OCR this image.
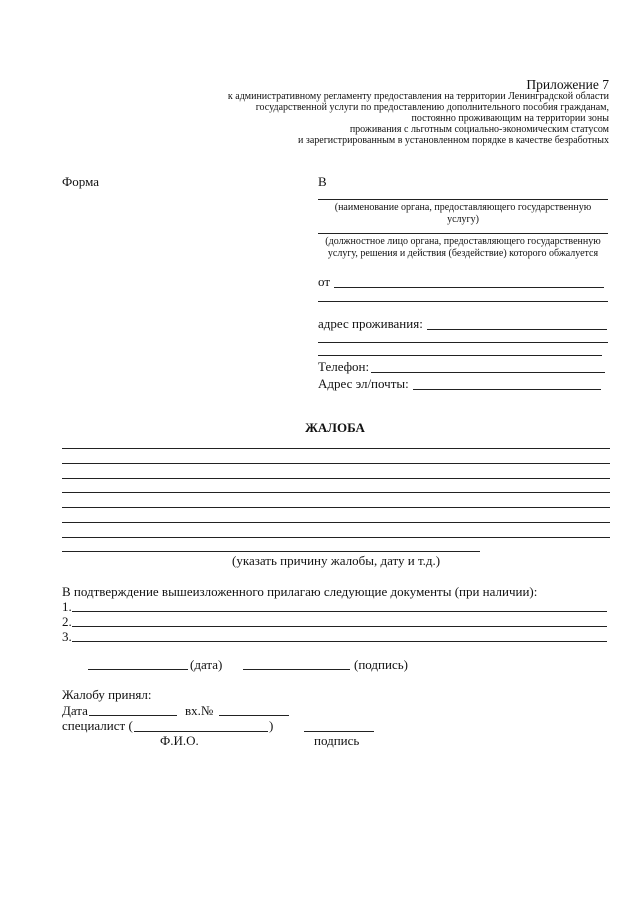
Приложение 7
к административному регламенту предоставления на территории Ленинградской области
государственной услуги по предоставлению дополнительного пособия гражданам,
постоянно проживающим на территории зоны
проживания с льготным социально-экономическим статусом
и зарегистрированным в установленном порядке в качестве безработных
Форма	В
(наименование органа, предоставляющего государственную услугу)
(должностное лицо органа, предоставляющего государственную услугу, решения и действия (бездействие) которого обжалуется
от
адрес проживания:
Телефон:
Адрес эл/почты:
ЖАЛОБА
(указать причину жалобы, дату и т.д.)
В подтверждение вышеизложенного прилагаю следующие документы (при наличии):
1.
2.
3.
(дата)	(подпись)
Жалобу принял:
Дата	вх.№
специалист (	)
Ф.И.О.	подпись
